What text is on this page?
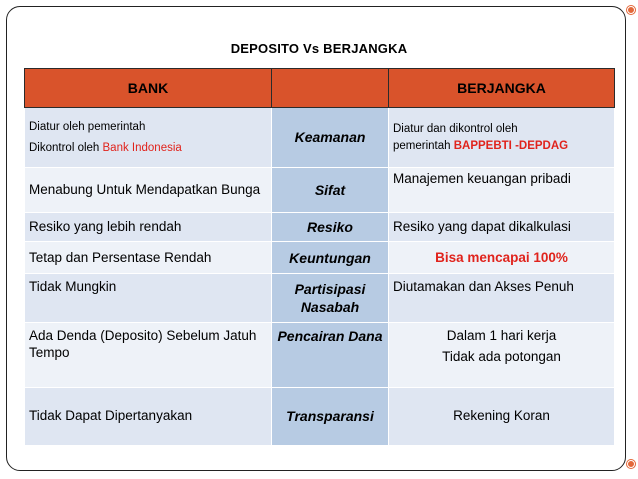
DEPOSITO Vs BERJANGKA
BANK		BERJANGKA
Diatur oleh pemerintah

Dikontrol oleh Bank Indonesia	Keamanan	Diatur dan dikontrol oleh
pemerintah BAPPEBTI -DEPDAG
Menabung Untuk Mendapatkan Bunga	Sifat	Manajemen keuangan pribadi
Resiko yang lebih rendah	Resiko	Resiko yang dapat dikalkulasi
Tetap dan Persentase Rendah	Keuntungan	Bisa mencapai 100%
Tidak Mungkin	Partisipasi Nasabah	Diutamakan dan Akses Penuh
Ada Denda (Deposito) Sebelum Jatuh Tempo	Pencairan Dana	Dalam 1 hari kerja

Tidak ada potongan

Tidak Dapat Dipertanyakan	Transparansi	Rekening Koran
